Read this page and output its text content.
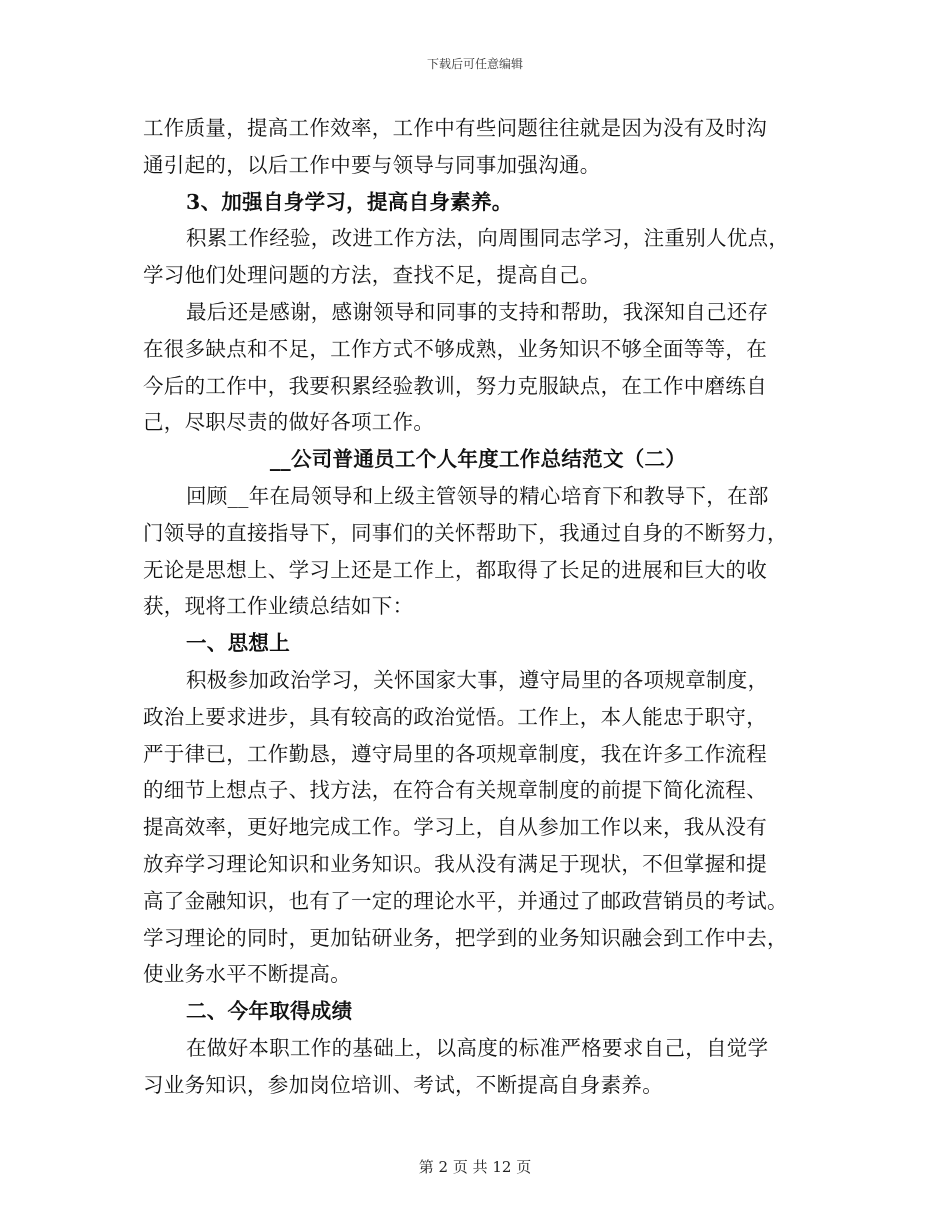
下载后可任意编辑
工作质量，提高工作效率，工作中有些问题往往就是因为没有及时沟
通引起的，以后工作中要与领导与同事加强沟通。
3、加强自身学习，提高自身素养。
积累工作经验，改进工作方法，向周围同志学习，注重别人优点，
学习他们处理问题的方法，查找不足，提高自己。
最后还是感谢，感谢领导和同事的支持和帮助，我深知自己还存
在很多缺点和不足，工作方式不够成熟，业务知识不够全面等等，在
今后的工作中，我要积累经验教训，努力克服缺点，在工作中磨练自
己，尽职尽责的做好各项工作。
__公司普通员工个人年度工作总结范文（二）
回顾__年在局领导和上级主管领导的精心培育下和教导下，在部
门领导的直接指导下，同事们的关怀帮助下，我通过自身的不断努力，
无论是思想上、学习上还是工作上，都取得了长足的进展和巨大的收
获，现将工作业绩总结如下：
一、思想上
积极参加政治学习，关怀国家大事，遵守局里的各项规章制度，
政治上要求进步，具有较高的政治觉悟。工作上，本人能忠于职守，
严于律已，工作勤恳，遵守局里的各项规章制度，我在许多工作流程
的细节上想点子、找方法，在符合有关规章制度的前提下简化流程、
提高效率，更好地完成工作。学习上，自从参加工作以来，我从没有
放弃学习理论知识和业务知识。我从没有满足于现状，不但掌握和提
高了金融知识，也有了一定的理论水平，并通过了邮政营销员的考试。
学习理论的同时，更加钻研业务，把学到的业务知识融会到工作中去，
使业务水平不断提高。
二、今年取得成绩
在做好本职工作的基础上，以高度的标准严格要求自己，自觉学
习业务知识，参加岗位培训、考试，不断提高自身素养。
第 2 页 共 12 页
